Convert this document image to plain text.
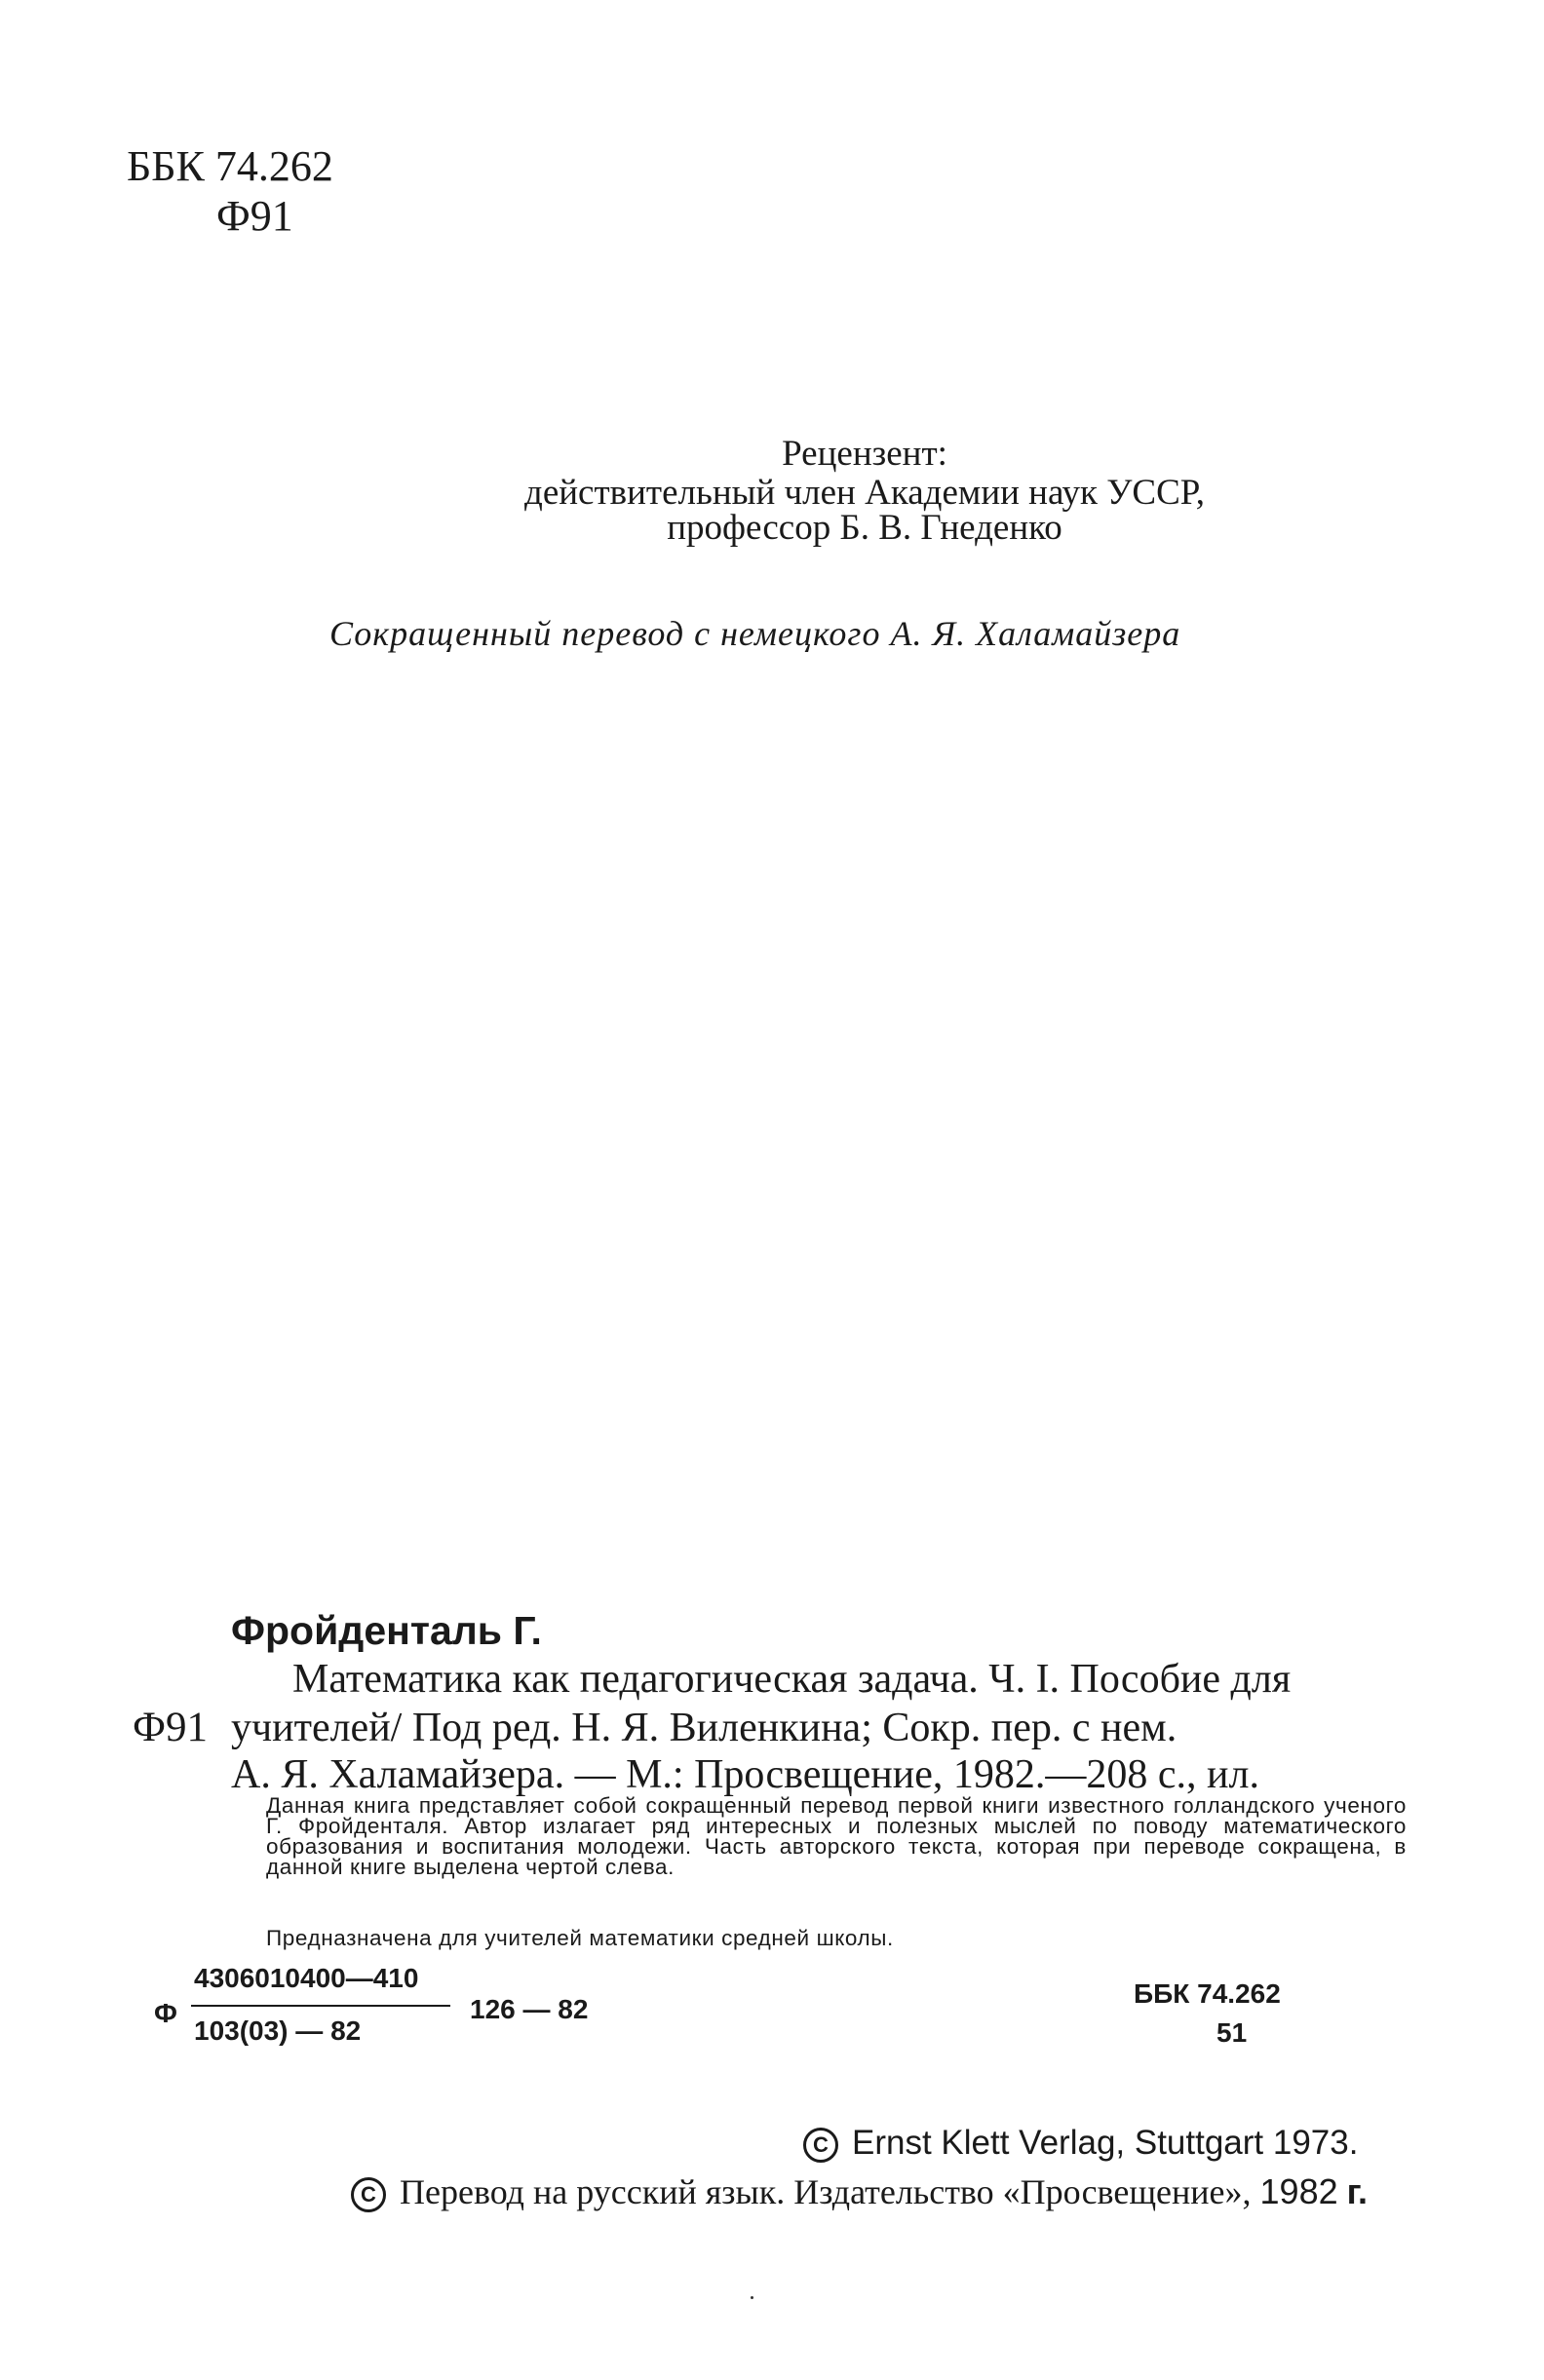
ББК 74.262
Ф91
Рецензент:
действительный член Академии наук УССР,
профессор Б. В. Гнеденко
Сокращенный перевод с немецкого А. Я. Халамайзера
Фройденталь Г.
Ф91
Математика как педагогическая задача. Ч. I. Пособие для
учителей/ Под ред. Н. Я. Виленкина; Сокр. пер. с нем.
А. Я. Халамайзера. — М.: Просвещение, 1982.—208 с., ил.

Данная книга представляет собой сокращенный перевод первой книги известного голландского ученого Г. Фройденталя. Автор излагает ряд интересных и полезных мыслей по поводу математического образования и воспитания молодежи. Часть авторского текста, которая при переводе сокращена, в данной книге выделена чертой слева.

Предназначена для учителей математики средней школы.
Ф
4306010400—410
103(03) — 82
126 — 82
ББК 74.262
51
C Ernst Klett Verlag, Stuttgart 1973.
C Перевод на русский язык. Издательство «Просвещение», 1982 г.
